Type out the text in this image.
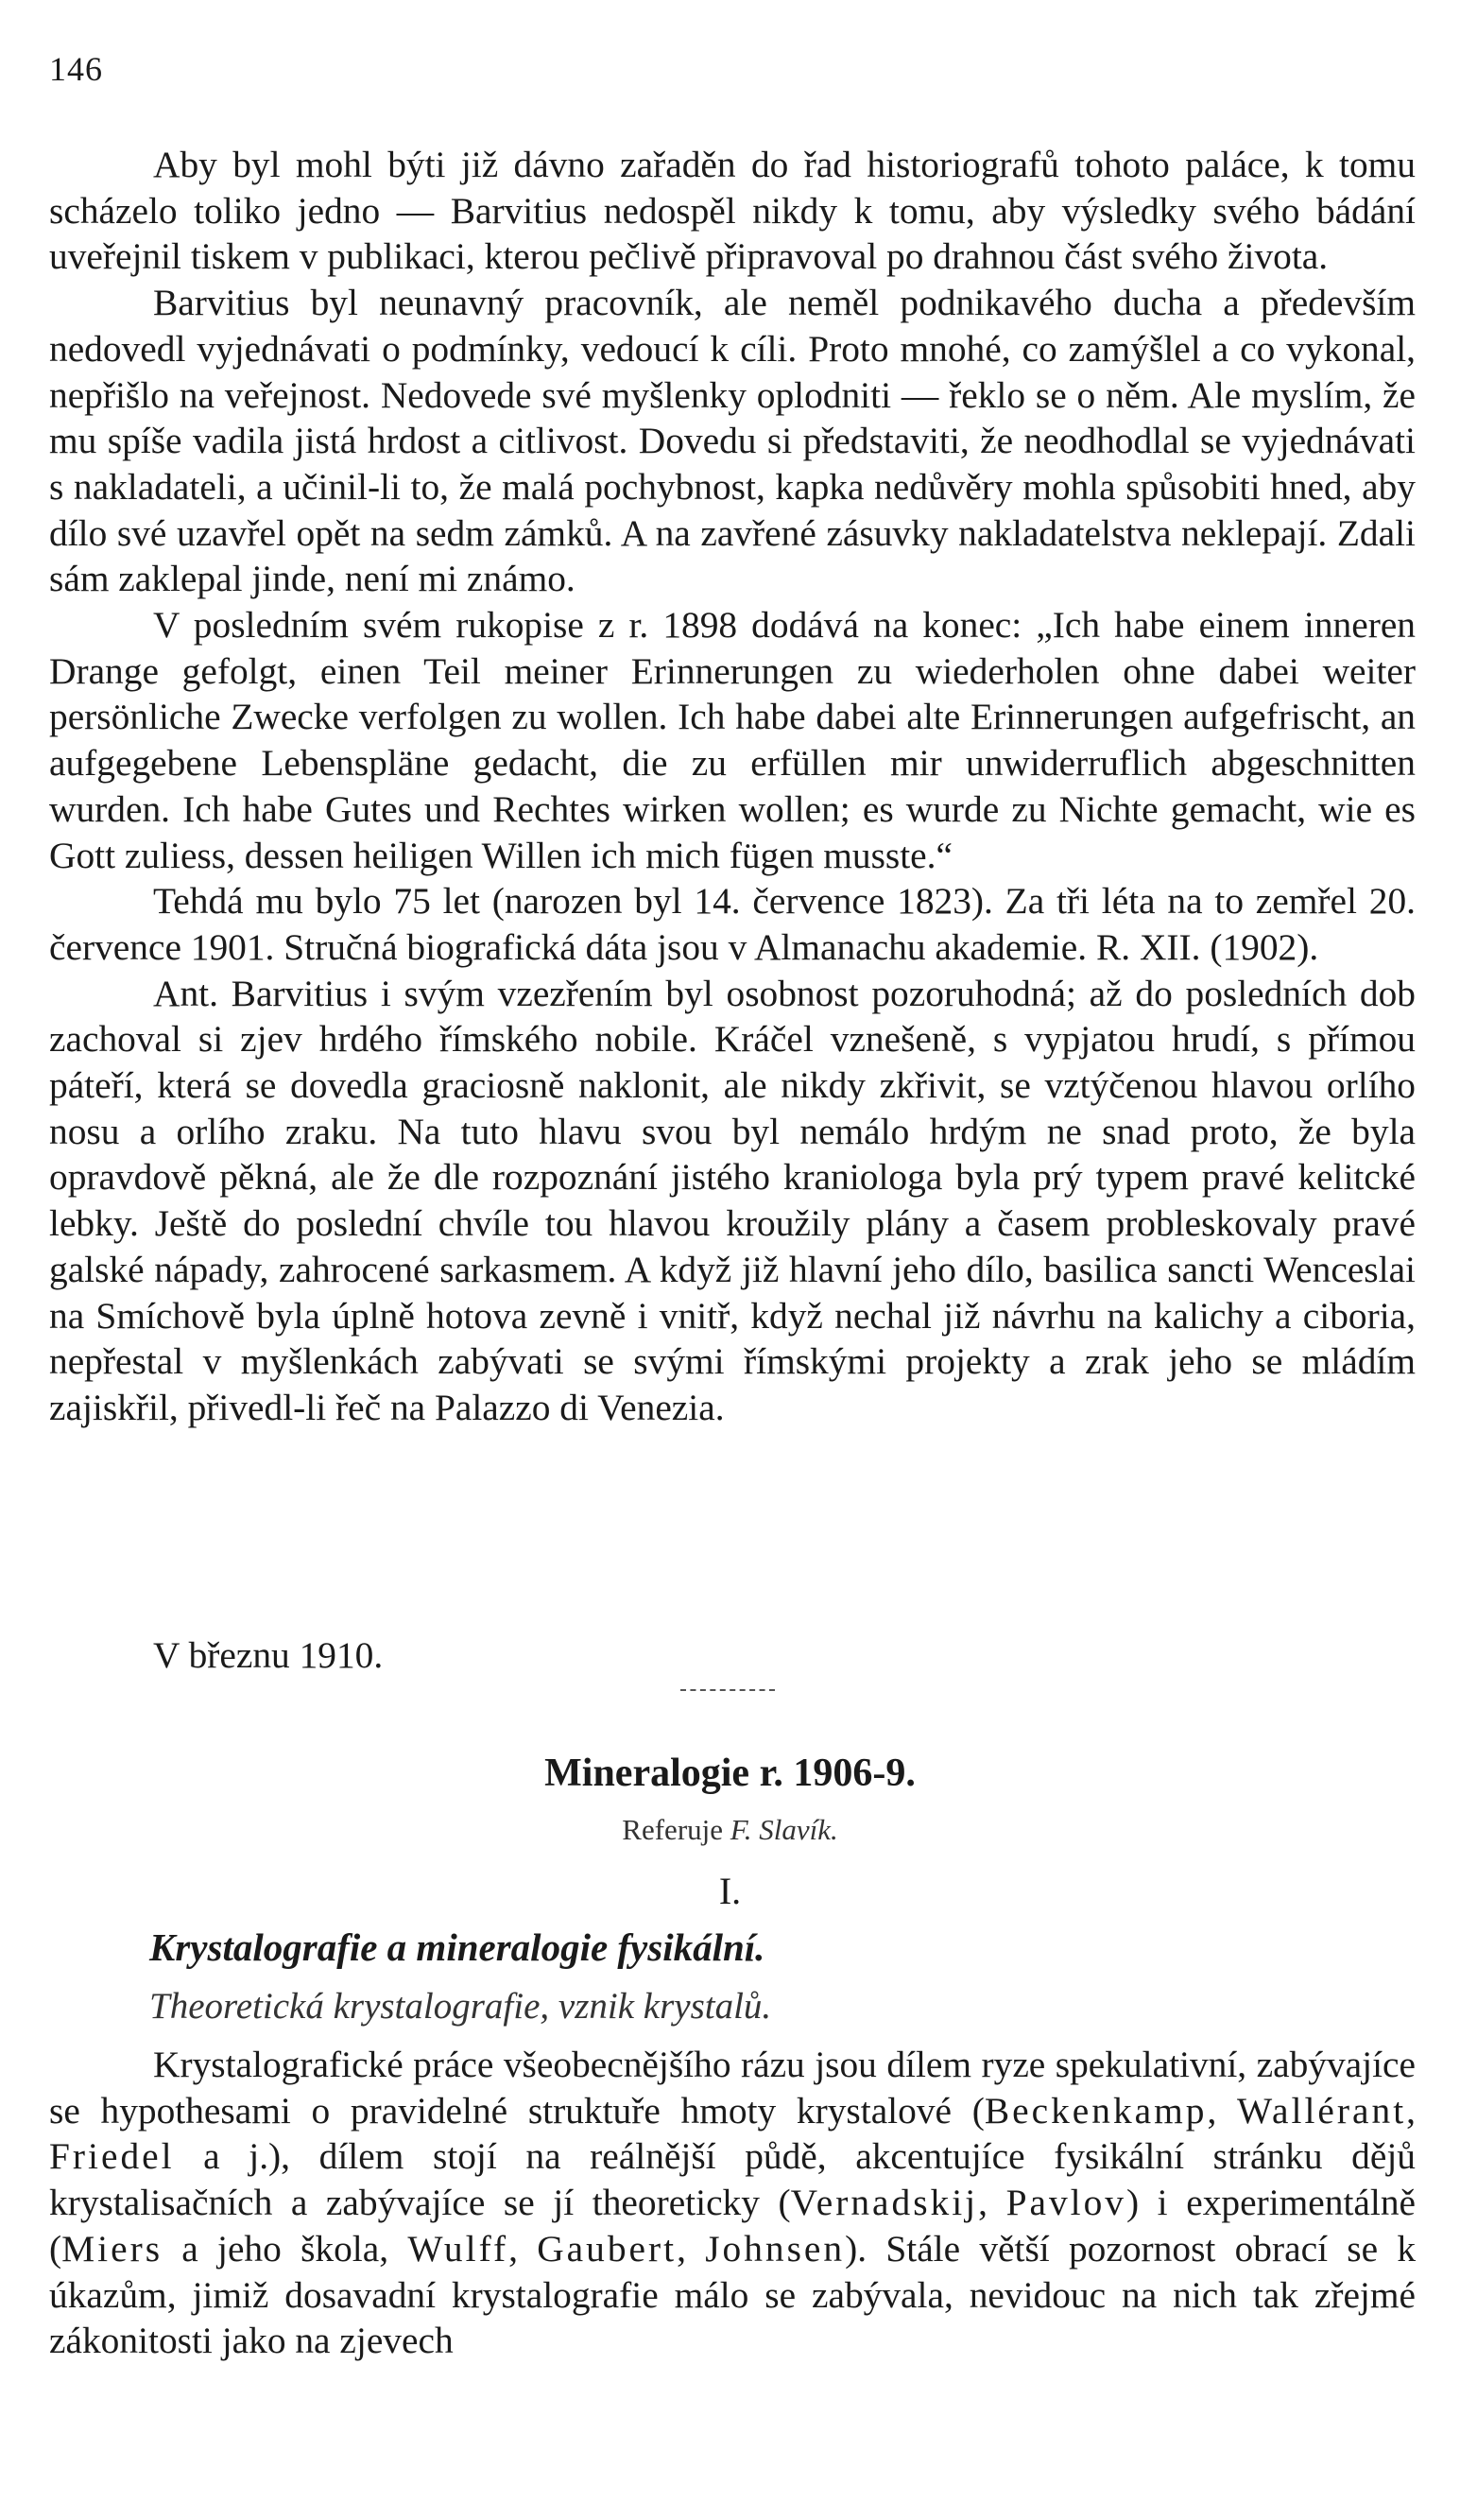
146

Aby byl mohl býti již dávno zařaděn do řad historiografů tohoto paláce, k tomu scházelo toliko jedno — Barvitius nedospěl nikdy k tomu, aby výsledky svého bádání uveřejnil tiskem v publikaci, kterou pečlivě připravoval po drahnou část svého života.

Barvitius byl neunavný pracovník, ale neměl podnikavého ducha a především nedovedl vyjednávati o podmínky, vedoucí k cíli. Proto mnohé, co zamýšlel a co vykonal, nepřišlo na veřejnost. Nedovede své myšlenky oplodniti — řeklo se o něm. Ale myslím, že mu spíše vadila jistá hrdost a citlivost. Dovedu si představiti, že neodhodlal se vyjednávati s nakladateli, a učinil-li to, že malá pochybnost, kapka nedůvěry mohla spůsobiti hned, aby dílo své uzavřel opět na sedm zámků. A na zavřené zásuvky nakladatelstva neklepají. Zdali sám zaklepal jinde, není mi známo.

V posledním svém rukopise z r. 1898 dodává na konec: „Ich habe einem inneren Drange gefolgt, einen Teil meiner Erinnerungen zu wiederholen ohne dabei weiter persönliche Zwecke verfolgen zu wollen. Ich habe dabei alte Erinnerungen aufgefrischt, an aufgegebene Lebenspläne gedacht, die zu erfüllen mir unwiderruflich abgeschnitten wurden. Ich habe Gutes und Rechtes wirken wollen; es wurde zu Nichte gemacht, wie es Gott zuliess, dessen heiligen Willen ich mich fügen musste.“

Tehdá mu bylo 75 let (narozen byl 14. července 1823). Za tři léta na to zemřel 20. července 1901. Stručná biografická dáta jsou v Almanachu akademie. R. XII. (1902).

Ant. Barvitius i svým vzezřením byl osobnost pozoruhodná; až do posledních dob zachoval si zjev hrdého římského nobile. Kráčel vznešeně, s vypjatou hrudí, s přímou páteří, která se dovedla graciosně naklonit, ale nikdy zkřivit, se vztýčenou hlavou orlího nosu a orlího zraku. Na tuto hlavu svou byl nemálo hrdým ne snad proto, že byla opravdově pěkná, ale že dle rozpoznání jistého kraniologa byla prý typem pravé kelitcké lebky. Ještě do poslední chvíle tou hlavou kroužily plány a časem probleskovaly pravé galské nápady, zahrocené sarkasmem. A když již hlavní jeho dílo, basilica sancti Wenceslai na Smíchově byla úplně hotova zevně i vnitř, když nechal již návrhu na kalichy a ciboria, nepřestal v myšlenkách zabývati se svými římskými projekty a zrak jeho se mládím zajiskřil, přivedl-li řeč na Palazzo di Venezia.

V březnu 1910.
Mineralogie r. 1906-9.
Referuje F. Slavík.
I.
Krystalografie a mineralogie fysikální.
Theoretická krystalografie, vznik krystalů.

Krystalografické práce všeobecnějšího rázu jsou dílem ryze spekulativní, zabývajíce se hypothesami o pravidelné struktuře hmoty krystalové (Beckenkamp, Wallérant, Friedel a j.), dílem stojí na reálnější půdě, akcentujíce fysikální stránku dějů krystalisačních a zabývajíce se jí theoreticky (Vernadskij, Pavlov) i experimentálně (Miers a jeho škola, Wulff, Gaubert, Johnsen). Stále větší pozornost obrací se k úkazům, jimiž dosavadní krystalografie málo se zabývala, nevidouc na nich tak zřejmé zákonitosti jako na zjevech
